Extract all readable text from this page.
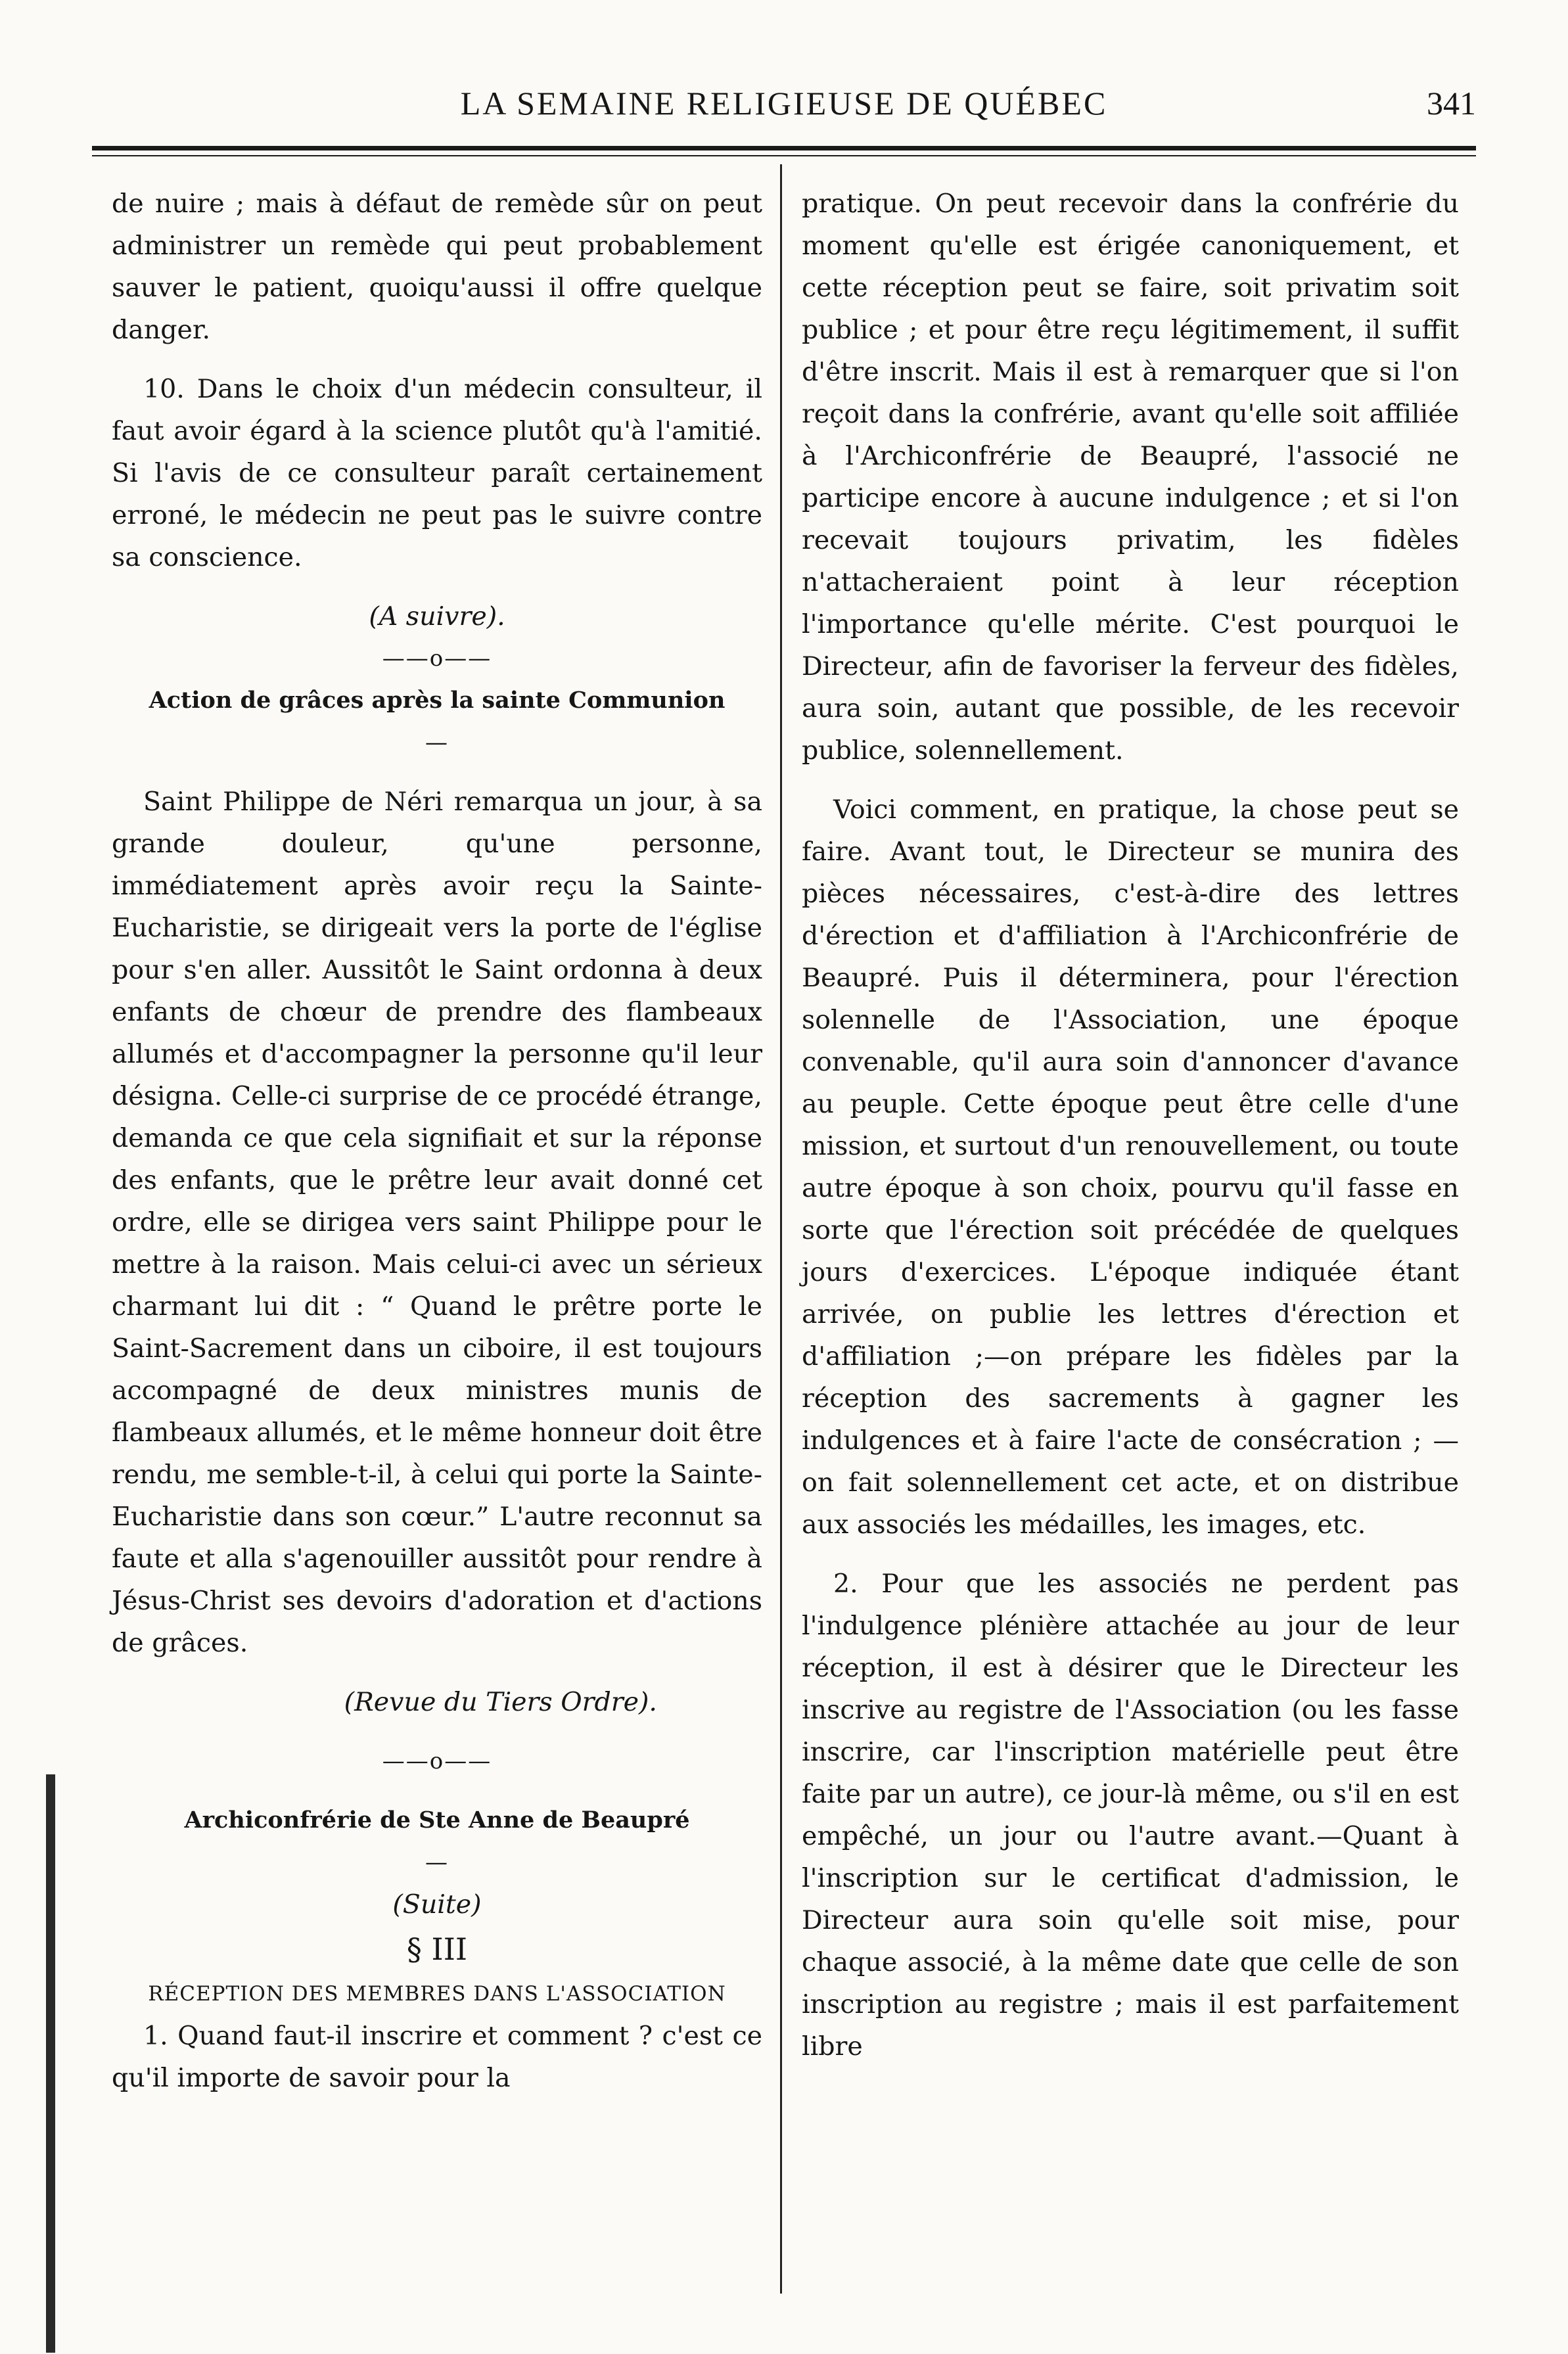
LA SEMAINE RELIGIEUSE DE QUÉBEC	341

de nuire ; mais à défaut de remède sûr on peut administrer un remède qui peut probablement sauver le patient, quoiqu'aussi il offre quelque danger.

10. Dans le choix d'un médecin consulteur, il faut avoir égard à la science plutôt qu'à l'amitié. Si l'avis de ce consulteur paraît certainement erroné, le médecin ne peut pas le suivre contre sa conscience.

(A suivre).

——o——
Action de grâces après la sainte Communion
—

Saint Philippe de Néri remarqua un jour, à sa grande douleur, qu'une personne, immédiatement après avoir reçu la Sainte-Eucharistie, se dirigeait vers la porte de l'église pour s'en aller. Aussitôt le Saint ordonna à deux enfants de chœur de prendre des flambeaux allumés et d'accompagner la personne qu'il leur désigna. Celle-ci surprise de ce procédé étrange, demanda ce que cela signifiait et sur la réponse des enfants, que le prêtre leur avait donné cet ordre, elle se dirigea vers saint Philippe pour le mettre à la raison. Mais celui-ci avec un sérieux charmant lui dit : “ Quand le prêtre porte le Saint-Sacrement dans un ciboire, il est toujours accompagné de deux ministres munis de flambeaux allumés, et le même honneur doit être rendu, me semble-t-il, à celui qui porte la Sainte-Eucharistie dans son cœur.” L'autre reconnut sa faute et alla s'agenouiller aussitôt pour rendre à Jésus-Christ ses devoirs d'adoration et d'actions de grâces.

(Revue du Tiers Ordre).

——o——
Archiconfrérie de Ste Anne de Beaupré
—

(Suite)

§ III
RÉCEPTION DES MEMBRES DANS L'ASSOCIATION

1. Quand faut-il inscrire et comment ? c'est ce qu'il importe de savoir pour la

pratique. On peut recevoir dans la confrérie du moment qu'elle est érigée canoniquement, et cette réception peut se faire, soit privatim soit publice ; et pour être reçu légitimement, il suffit d'être inscrit. Mais il est à remarquer que si l'on reçoit dans la confrérie, avant qu'elle soit affiliée à l'Archiconfrérie de Beaupré, l'associé ne participe encore à aucune indulgence ; et si l'on recevait toujours privatim, les fidèles n'attacheraient point à leur réception l'importance qu'elle mérite. C'est pourquoi le Directeur, afin de favoriser la ferveur des fidèles, aura soin, autant que possible, de les recevoir publice, solennellement.

Voici comment, en pratique, la chose peut se faire. Avant tout, le Directeur se munira des pièces nécessaires, c'est-à-dire des lettres d'érection et d'affiliation à l'Archiconfrérie de Beaupré. Puis il déterminera, pour l'érection solennelle de l'Association, une époque convenable, qu'il aura soin d'annoncer d'avance au peuple. Cette époque peut être celle d'une mission, et surtout d'un renouvellement, ou toute autre époque à son choix, pourvu qu'il fasse en sorte que l'érection soit précédée de quelques jours d'exercices. L'époque indiquée étant arrivée, on publie les lettres d'érection et d'affiliation ;—on prépare les fidèles par la réception des sacrements à gagner les indulgences et à faire l'acte de consécration ; — on fait solennellement cet acte, et on distribue aux associés les médailles, les images, etc.

2. Pour que les associés ne perdent pas l'indulgence plénière attachée au jour de leur réception, il est à désirer que le Directeur les inscrive au registre de l'Association (ou les fasse inscrire, car l'inscription matérielle peut être faite par un autre), ce jour-là même, ou s'il en est empêché, un jour ou l'autre avant.—Quant à l'inscription sur le certificat d'admission, le Directeur aura soin qu'elle soit mise, pour chaque associé, à la même date que celle de son inscription au registre ; mais il est parfaitement libre
